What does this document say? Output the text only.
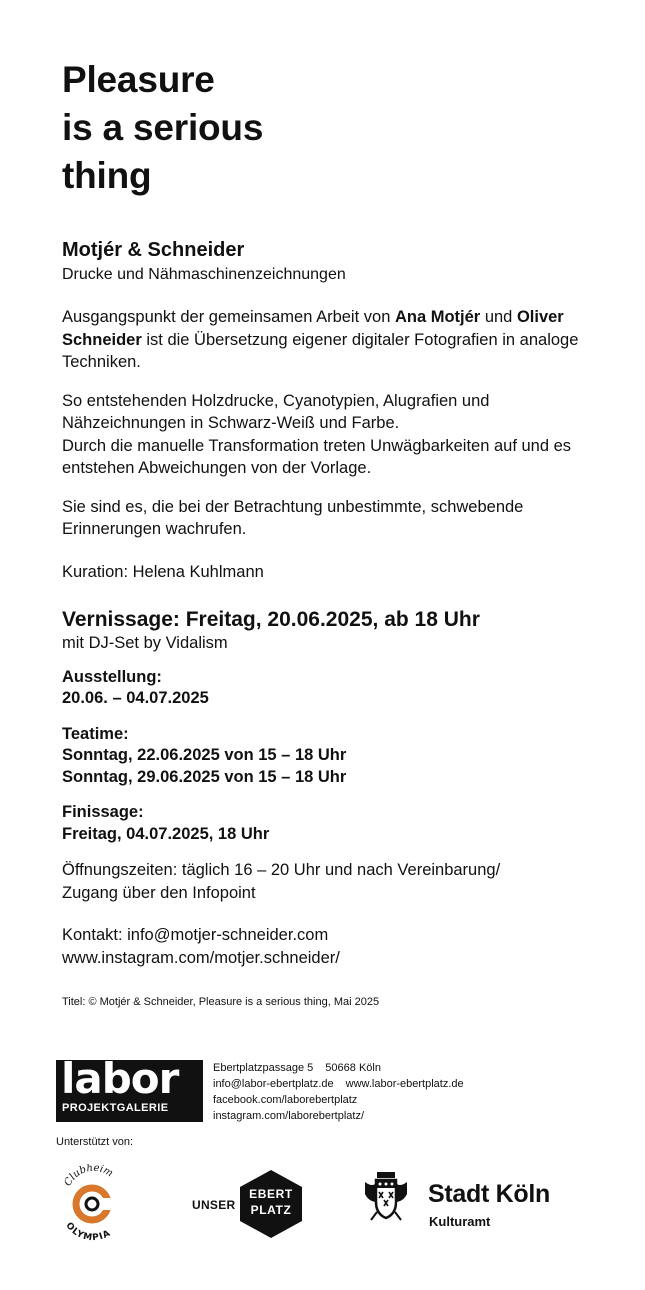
Pleasure
is a serious
thing
Motjér & Schneider
Drucke und Nähmaschinenzeichnungen
Ausgangspunkt der gemeinsamen Arbeit von Ana Motjér und Oliver Schneider ist die Übersetzung eigener digitaler Fotografien in analoge Techniken.
So entstehenden Holzdrucke, Cyanotypien, Alugrafien und Nähzeichnungen in Schwarz-Weiß und Farbe.
Durch die manuelle Transformation treten Unwägbarkeiten auf und es entstehen Abweichungen von der Vorlage.
Sie sind es, die bei der Betrachtung unbestimmte, schwebende Erinnerungen wachrufen.
Kuration: Helena Kuhlmann
Vernissage: Freitag, 20.06.2025, ab 18 Uhr
mit DJ-Set by Vidalism
Ausstellung:
20.06. – 04.07.2025
Teatime:
Sonntag, 22.06.2025 von 15 – 18 Uhr
Sonntag, 29.06.2025 von 15 – 18 Uhr
Finissage:
Freitag, 04.07.2025, 18 Uhr
Öffnungszeiten: täglich 16 – 20 Uhr und nach Vereinbarung/
Zugang über den Infopoint
Kontakt: info@motjer-schneider.com
www.instagram.com/motjer.schneider/
Titel: © Motjér & Schneider, Pleasure is a serious thing, Mai 2025
labor
PROJEKTGALERIE
Ebertplatzpassage 5 50668 Köln
info@labor-ebertplatz.de www.labor-ebertplatz.de
facebook.com/laborebertplatz
instagram.com/laborebertplatz/
Unterstützt von:
Clubheim
OLYMPIA
UNSER
EBERT
PLATZ
Stadt Köln
Kulturamt
